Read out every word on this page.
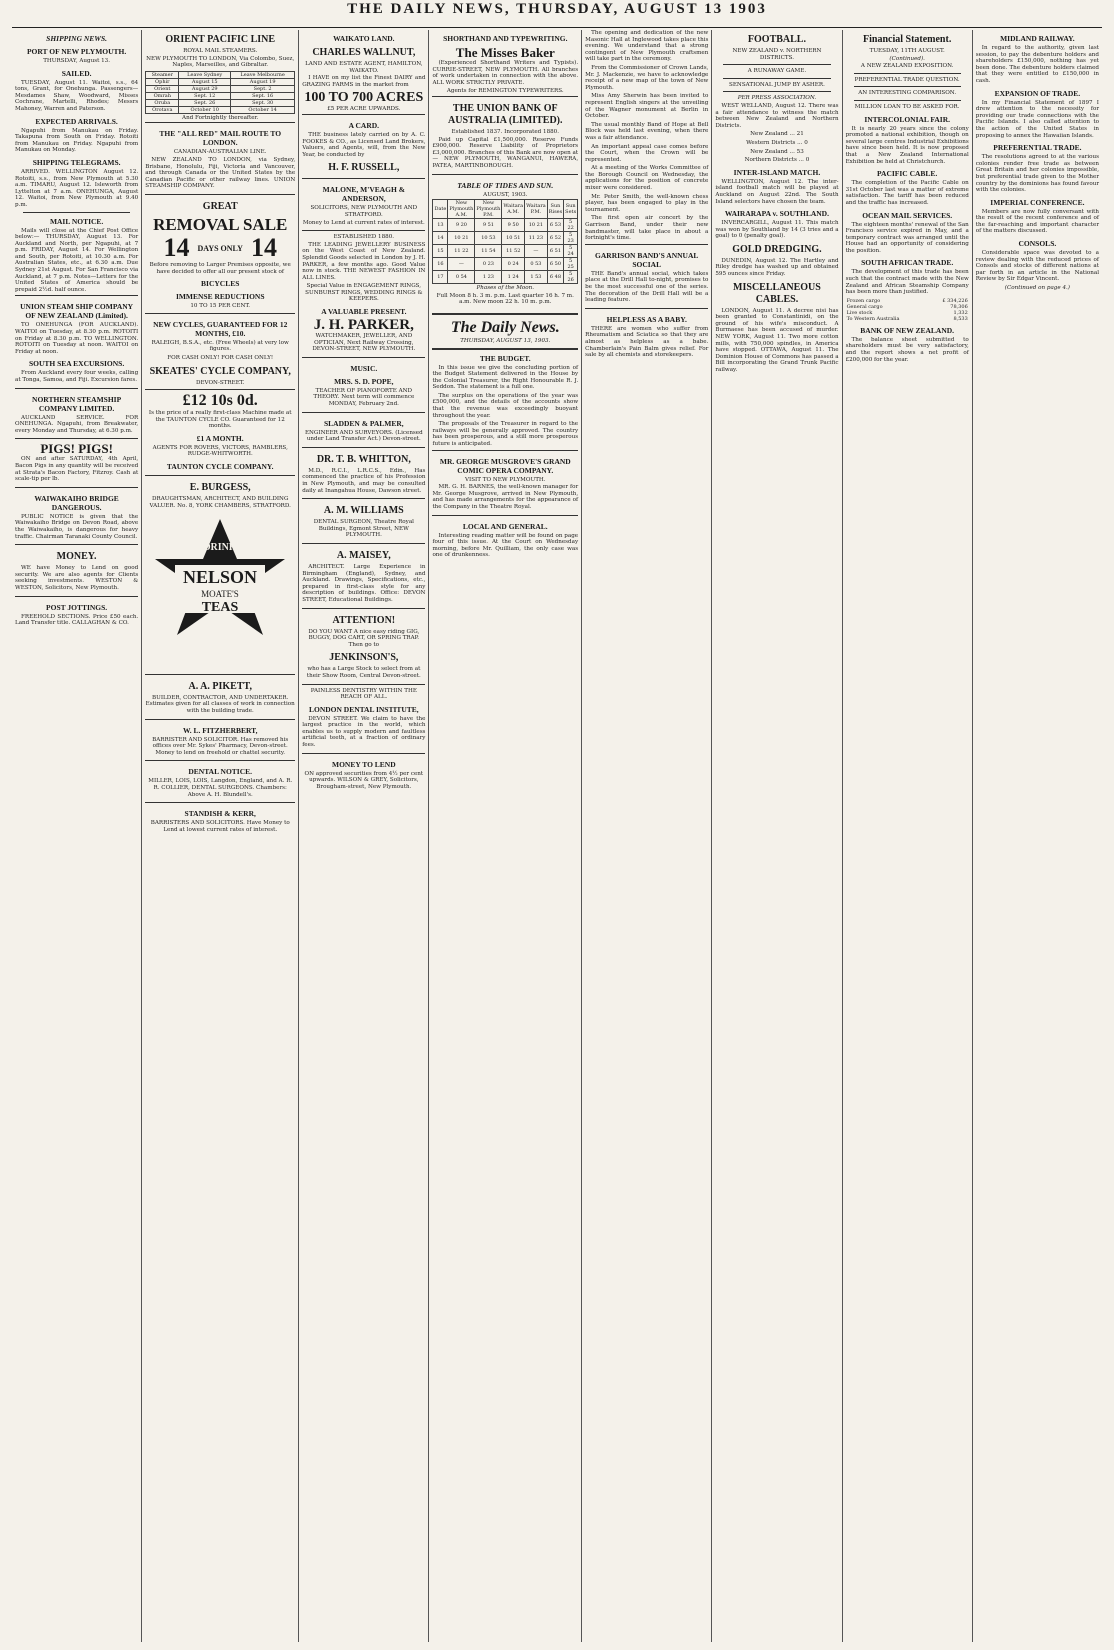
THE DAILY NEWS, THURSDAY, AUGUST 13 1903
SHIPPING NEWS.
PORT OF NEW PLYMOUTH.
THURSDAY, August 13.
SAILED.

TUESDAY, August 11. Waitoi, s.s., 64 tons, Grant, for Onehunga. Passengers—Mesdames Shaw, Woodward, Misses Cochrane, Martelli, Rhodes; Messrs Mahoney, Warren and Paterson.

EXPECTED ARRIVALS.

Ngapuhi from Manukau on Friday. Takapuna from South on Friday. Rotoiti from Manukau on Friday. Ngapuhi from Manukau on Monday.

SHIPPING TELEGRAMS.

ARRIVED. WELLINGTON August 12. Rotoiti, s.s., from New Plymouth at 5.30 a.m. TIMARU, August 12. Isleworth from Lyttelton at 7 a.m. ONEHUNGA, August 12. Waitoi, from New Plymouth at 9.40 p.m.

MAIL NOTICE.

Mails will close at the Chief Post Office below:— THURSDAY, August 13. For Auckland and North, per Ngapuhi, at 7 p.m. FRIDAY, August 14. For Wellington and South, per Rotoiti, at 10.30 a.m. For Australian States, etc., at 6.30 a.m. Due Sydney 21st August. For San Francisco via Auckland, at 7 p.m. Notes—Letters for the United States of America should be prepaid 2½d. half ounce.

UNION STEAM SHIP COMPANY OF NEW ZEALAND (Limited).

TO ONEHUNGA (FOR AUCKLAND). WAITOI on Tuesday, at 8.30 p.m. ROTOITI on Friday at 8.30 p.m. TO WELLINGTON. ROTOITI on Tuesday at noon. WAITOI on Friday at noon.

SOUTH SEA EXCURSIONS.

From Auckland every four weeks, calling at Tonga, Samoa, and Fiji. Excursion fares.

NORTHERN STEAMSHIP COMPANY LIMITED.

AUCKLAND SERVICE. FOR ONEHUNGA. Ngapuhi, from Breakwater, every Monday and Thursday, at 6.30 p.m.

PIGS! PIGS!

ON and after SATURDAY, 4th April, Bacon Pigs in any quantity will be received at Strata's Bacon Factory, Fitzroy. Cash at scale-tip per lb.

WAIWAKAIHO BRIDGE DANGEROUS.

PUBLIC NOTICE is given that the Waiwakaiho Bridge on Devon Road, above the Waiwakaiho, is dangerous for heavy traffic. Chairman Taranaki County Council.

MONEY.

WE have Money to Lend on good security. We are also agents for Clients seeking investments. WESTON & WESTON, Solicitors, New Plymouth.

POST JOTTINGS.

FREEHOLD SECTIONS. Price £50 each. Land Transfer title. CALLAGHAN & CO.

ORIENT PACIFIC LINE
ROYAL MAIL STEAMERS.

NEW PLYMOUTH TO LONDON, Via Colombo, Suez, Naples, Marseilles, and Gibraltar.

Steamer	Leave Sydney	Leave Melbourne
Ophir	August 15	August 19
Orient	August 29	Sept. 2
Omrah	Sept. 12	Sept. 16
Oruba	Sept. 26	Sept. 30
Orotava	October 10	October 14
And Fortnightly thereafter.
THE "ALL RED" MAIL ROUTE TO LONDON.
CANADIAN-AUSTRALIAN LINE.

NEW ZEALAND TO LONDON, via Sydney, Brisbane, Honolulu, Fiji, Victoria and Vancouver, and through Canada or the United States by the Canadian Pacific or other railway lines. UNION STEAMSHIP COMPANY.

GREAT
REMOVAL SALE
14 DAYS ONLY 14

Before removing to Larger Premises opposite, we have decided to offer all our present stock of

BICYCLES
IMMENSE REDUCTIONS
10 TO 15 PER CENT.
NEW CYCLES, GUARANTEED FOR 12 MONTHS, £10.

RALEIGH, B.S.A., etc. (Free Wheels) at very low figures.

FOR CASH ONLY! FOR CASH ONLY!
SKEATES' CYCLE COMPANY,
DEVON-STREET.
£12 10s 0d.

Is the price of a really first-class Machine made at the TAUNTON CYCLE CO. Guaranteed for 12 months.

£1 A MONTH.

AGENTS FOR ROVERS, VICTORS, RAMBLERS, RUDGE-WHITWORTH.

TAUNTON CYCLE COMPANY.
E. BURGESS,

DRAUGHTSMAN, ARCHITECT, AND BUILDING VALUER. No. 8, YORK CHAMBERS, STRATFORD.

DRINK
NELSON
MOATE'S
TEAS
A. A. PIKETT,

BUILDER, CONTRACTOR, AND UNDERTAKER. Estimates given for all classes of work in connection with the building trade.

W. L. FITZHERBERT,

BARRISTER AND SOLICITOR. Has removed his offices over Mr. Sykes' Pharmacy, Devon-street. Money to lend on freehold or chattel security.

DENTAL NOTICE.

MILLER, LOIS, LOIS, Langdon, England, and A. R. R. COLLIER, DENTAL SURGEONS. Chambers: Above A. H. Blundell's.

STANDISH & KERR,

BARRISTERS AND SOLICITORS. Have Money to Lend at lowest current rates of interest.

WAIKATO LAND.
CHARLES WALLNUT,
LAND AND ESTATE AGENT, HAMILTON, WAIKATO.

I HAVE on my list the Finest DAIRY and GRAZING FARMS in the market from

100 TO 700 ACRES
£5 PER ACRE UPWARDS.
A CARD.

THE business lately carried on by A. C. FOOKES & CO., as Licensed Land Brokers, Valuers, and Agents, will, from the New Year, be conducted by

H. F. RUSSELL,
MALONE, M'VEAGH & ANDERSON,
SOLICITORS, NEW PLYMOUTH AND STRATFORD.

Money to Lend at current rates of interest.

ESTABLISHED 1880.

THE LEADING JEWELLERY BUSINESS on the West Coast of New Zealand. Splendid Goods selected in London by J. H. PARKER, a few months ago. Good Value now in stock. THE NEWEST FASHION IN ALL LINES.

Special Value in ENGAGEMENT RINGS, SUNBURST RINGS, WEDDING RINGS & KEEPERS.

A VALUABLE PRESENT.
J. H. PARKER,

WATCHMAKER, JEWELLER, AND OPTICIAN, Next Railway Crossing, DEVON-STREET, NEW PLYMOUTH.

MUSIC.
MRS. S. D. POPE,

TEACHER OF PIANOFORTE AND THEORY. Next term will commence MONDAY, February 2nd.

SLADDEN & PALMER,

ENGINEER AND SURVEYORS. (Licensed under Land Transfer Act.) Devon-street.

DR. T. B. WHITTON,

M.D., R.C.I., L.R.C.S., Edin., Has commenced the practice of his Profession in New Plymouth, and may be consulted daily at Inangahua House, Dawson street.

A. M. WILLIAMS

DENTAL SURGEON, Theatre Royal Buildings, Egmont Street, NEW PLYMOUTH.

A. MAISEY,

ARCHITECT. Large Experience in Birmingham (England), Sydney, and Auckland. Drawings, Specifications, etc., prepared in first-class style for any description of buildings. Office: DEVON STREET, Educational Buildings.

ATTENTION!

DO YOU WANT A nice easy riding GIG, BUGGY, DOG CART, OR SPRING TRAP. Then go to

JENKINSON'S,

who has a Large Stock to select from at their Show Room, Central Devon-street.

PAINLESS DENTISTRY WITHIN THE REACH OF ALL.
LONDON DENTAL INSTITUTE,

DEVON STREET. We claim to have the largest practice in the world, which enables us to supply modern and faultless artificial teeth, at a fraction of ordinary fees.

MONEY TO LEND

ON approved securities from 4½ per cent upwards. WILSON & GREY, Solicitors, Brougham-street, New Plymouth.

SHORTHAND AND TYPEWRITING.
The Misses Baker

(Experienced Shorthand Writers and Typists). CURRIE-STREET, NEW PLYMOUTH. All branches of work undertaken in connection with the above. ALL WORK STRICTLY PRIVATE.

Agents for REMINGTON TYPEWRITERS.
THE UNION BANK OF AUSTRALIA (LIMITED).
Established 1837. Incorporated 1880.

Paid up Capital £1,500,000. Reserve Funds £900,000. Reserve Liability of Proprietors £3,000,000. Branches of this Bank are now open at— NEW PLYMOUTH, WANGANUI, HAWERA, PATEA, MARTINBOROUGH.

TABLE OF TIDES AND SUN.
AUGUST, 1903.
Date	New Plymouth A.M.	New Plymouth P.M.	Waitara A.M.	Waitara P.M.	Sun Rises	Sun Sets
13	9 20	9 51	9 50	10 21	6 53	5 22
14	10 21	10 53	10 51	11 23	6 52	5 23
15	11 22	11 54	11 52	—	6 51	5 24
16	—	0 23	0 24	0 53	6 50	5 25
17	0 54	1 23	1 24	1 53	6 48	5 26
Phases of the Moon.

Full Moon 8 h. 3 m. p.m. Last quarter 16 h. 7 m. a.m. New moon 22 h. 10 m. p.m.

The Daily News.
THURSDAY, AUGUST 13, 1903.
THE BUDGET.

In this issue we give the concluding portion of the Budget Statement delivered in the House by the Colonial Treasurer, the Right Honourable R. J. Seddon. The statement is a full one.

The surplus on the operations of the year was £500,000, and the details of the accounts show that the revenue was exceedingly buoyant throughout the year.

The proposals of the Treasurer in regard to the railways will be generally approved. The country has been prosperous, and a still more prosperous future is anticipated.

MR. GEORGE MUSGROVE'S GRAND COMIC OPERA COMPANY.
VISIT TO NEW PLYMOUTH.

MR. G. H. BARNES, the well-known manager for Mr. George Musgrove, arrived in New Plymouth, and has made arrangements for the appearance of the Company in the Theatre Royal.

LOCAL AND GENERAL.

Interesting reading matter will be found on page four of this issue. At the Court on Wednesday morning, before Mr. Quilliam, the only case was one of drunkenness.

The opening and dedication of the new Masonic Hall at Inglewood takes place this evening. We understand that a strong contingent of New Plymouth craftsmen will take part in the ceremony.

From the Commissioner of Crown Lands, Mr. J. Mackenzie, we have to acknowledge receipt of a new map of the town of New Plymouth.

Miss Amy Sherwin has been invited to represent English singers at the unveiling of the Wagner monument at Berlin in October.

The usual monthly Band of Hope at Bell Block was held last evening, when there was a fair attendance.

An important appeal case comes before the Court, when the Crown will be represented.

At a meeting of the Works Committee of the Borough Council on Wednesday, the applications for the position of concrete mixer were considered.

Mr. Peter Smith, the well-known chess player, has been engaged to play in the tournament.

The first open air concert by the Garrison Band, under their new bandmaster, will take place in about a fortnight's time.

GARRISON BAND'S ANNUAL SOCIAL

THE Band's annual social, which takes place at the Drill Hall to-night, promises to be the most successful one of the series. The decoration of the Drill Hall will be a leading feature.

HELPLESS AS A BABY.

THERE are women who suffer from Rheumatism and Sciatica so that they are almost as helpless as a babe. Chamberlain's Pain Balm gives relief. For sale by all chemists and storekeepers.

FOOTBALL.
NEW ZEALAND v. NORTHERN DISTRICTS.
A RUNAWAY GAME.
SENSATIONAL JUMP BY ASHER.
PER PRESS ASSOCIATION.

WEST WELLAND, August 12. There was a fair attendance to witness the match between New Zealand and Northern Districts.

New Zealand ... 21

Western Districts ... 0

New Zealand ... 53

Northern Districts ... 0

INTER-ISLAND MATCH.

WELLINGTON, August 12. The inter-island football match will be played at Auckland on August 22nd. The South Island selectors have chosen the team.

WAIRARAPA v. SOUTHLAND.

INVERCARGILL, August 11. This match was won by Southland by 14 (3 tries and a goal) to 0 (penalty goal).

GOLD DREDGING.

DUNEDIN, August 12. The Hartley and Riley dredge has washed up and obtained 595 ounces since Friday.

MISCELLANEOUS CABLES.

LONDON, August 11. A decree nisi has been granted to Constantinidi, on the ground of his wife's misconduct. A Burmaese has been accused of murder. NEW YORK, August 11. Two more cotton mills, with 750,000 spindles, in America have stopped. OTTAWA, August 11. The Dominion House of Commons has passed a Bill incorporating the Grand Trunk Pacific railway.

Financial Statement.
TUESDAY, 11TH AUGUST.
(Continued).
A NEW ZEALAND EXPOSITION.
PREFERENTIAL TRADE QUESTION.
AN INTERESTING COMPARISON.
MILLION LOAN TO BE ASKED FOR.
INTERCOLONIAL FAIR.

It is nearly 20 years since the colony promoted a national exhibition, though on several large centres Industrial Exhibitions have since been held. It is now proposed that a New Zealand International Exhibition be held at Christchurch.

PACIFIC CABLE.

The completion of the Pacific Cable on 31st October last was a matter of extreme satisfaction. The tariff has been reduced and the traffic has increased.

OCEAN MAIL SERVICES.

The eighteen months' renewal of the San Francisco service expired in May, and a temporary contract was arranged until the House had an opportunity of considering the position.

SOUTH AFRICAN TRADE.

The development of this trade has been such that the contract made with the New Zealand and African Steamship Company has been more than justified.

Frozen cargo	£ 334,226
General cargo	78,306
Live stock	1,332
To Western Australia	8,533
BANK OF NEW ZEALAND.

The balance sheet submitted to shareholders must be very satisfactory, and the report shows a net profit of £200,000 for the year.

MIDLAND RAILWAY.

In regard to the authority, given last session, to pay the debenture holders and shareholders £150,000, nothing has yet been done. The debenture holders claimed that they were entitled to £150,000 in cash.

EXPANSION OF TRADE.

In my Financial Statement of 1897 I drew attention to the necessity for providing our trade connections with the Pacific Islands. I also called attention to the action of the United States in proposing to annex the Hawaiian Islands.

PREFERENTIAL TRADE.

The resolutions agreed to at the various colonies render free trade as between Great Britain and her colonies impossible, but preferential trade given to the Mother country by the dominions has found favour with the colonies.

IMPERIAL CONFERENCE.

Members are now fully conversant with the result of the recent conference and of the far-reaching and important character of the matters discussed.

CONSOLS.

Considerable space was devoted to a review dealing with the reduced prices of Consols and stocks of different nations at par forth in an article in the National Review by Sir Edgar Vincent.

(Continued on page 4.)
